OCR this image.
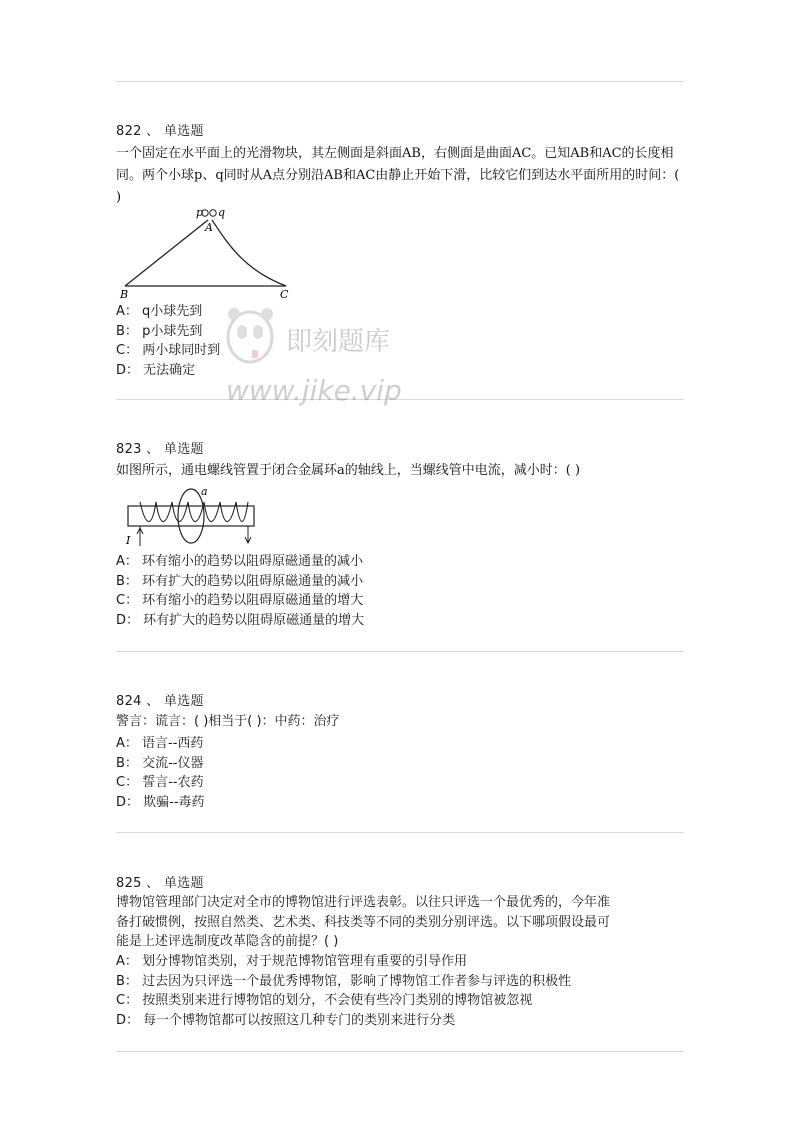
822 、 单选题
一个固定在水平面上的光滑物块，其左侧面是斜面AB，右侧面是曲面AC。已知AB和AC的长度相同。两个小球p、q同时从A点分别沿AB和AC由静止开始下滑，比较它们到达水平面所用的时间：( )
p q
A
B	C
A： q小球先到
B： p小球先到
C： 两小球同时到
D： 无法确定
即刻题库
www.jike.vip
823 、 单选题
如图所示，通电螺线管置于闭合金属环a的轴线上，当螺线管中电流，减小时：( )
a
I
A： 环有缩小的趋势以阻碍原磁通量的减小
B： 环有扩大的趋势以阻碍原磁通量的减小
C： 环有缩小的趋势以阻碍原磁通量的增大
D： 环有扩大的趋势以阻碍原磁通量的增大
824 、 单选题
警言：谎言：( )相当于( )：中药：治疗
A： 语言--西药
B： 交流--仪器
C： 誓言--农药
D： 欺骗--毒药
825 、 单选题
博物馆管理部门决定对全市的博物馆进行评选表彰。以往只评选一个最优秀的，今年准
备打破惯例，按照自然类、艺术类、科技类等不同的类别分别评选。以下哪项假设最可
能是上述评选制度改革隐含的前提？( )
A： 划分博物馆类别，对于规范博物馆管理有重要的引导作用
B： 过去因为只评选一个最优秀博物馆，影响了博物馆工作者参与评选的积极性
C： 按照类别来进行博物馆的划分，不会使有些冷门类别的博物馆被忽视
D： 每一个博物馆都可以按照这几种专门的类别来进行分类
